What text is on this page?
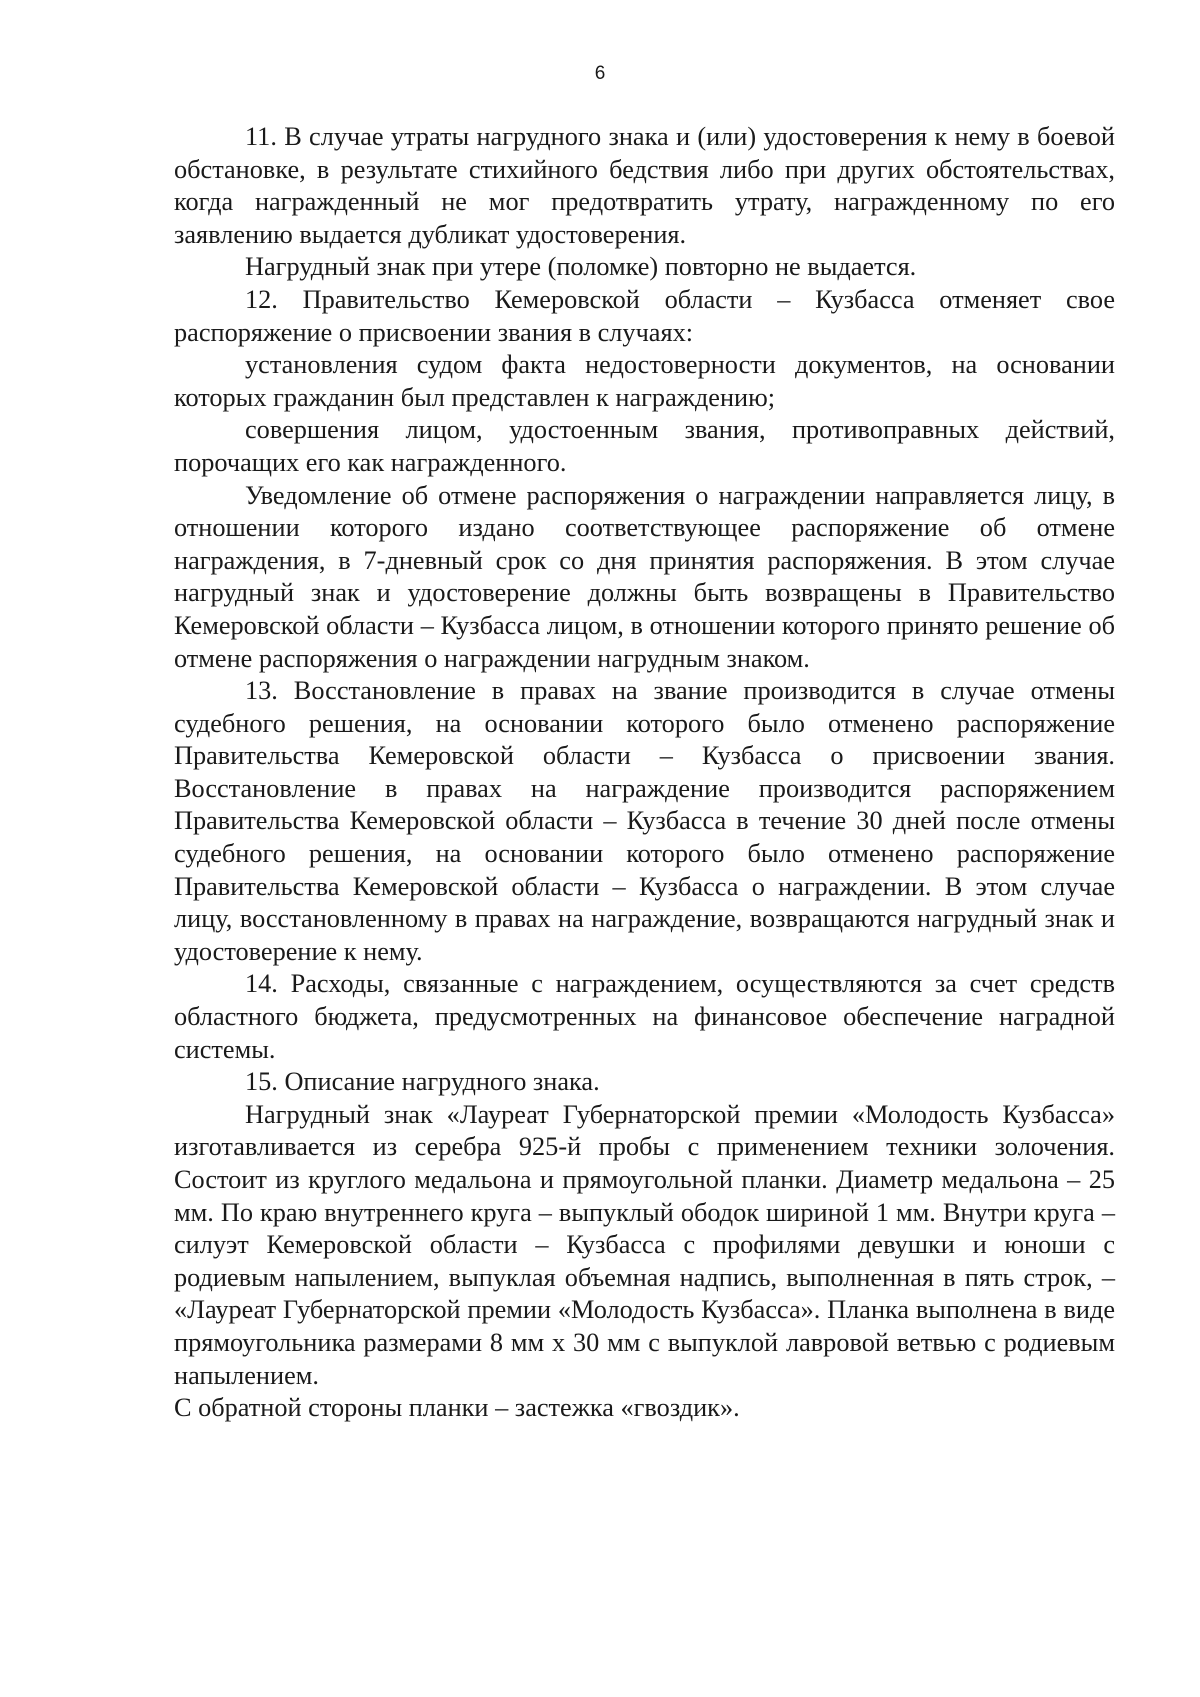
6

11. В случае утраты нагрудного знака и (или) удостоверения к нему в боевой обстановке, в результате стихийного бедствия либо при других обстоятельствах, когда награжденный не мог предотвратить утрату, награжденному по его заявлению выдается дубликат удостоверения.

Нагрудный знак при утере (поломке) повторно не выдается.

12. Правительство Кемеровской области – Кузбасса отменяет свое распоряжение о присвоении звания в случаях:

установления судом факта недостоверности документов, на основании которых гражданин был представлен к награждению;

совершения лицом, удостоенным звания, противоправных действий, порочащих его как награжденного.

Уведомление об отмене распоряжения о награждении направляется лицу, в отношении которого издано соответствующее распоряжение об отмене награждения, в 7-дневный срок со дня принятия распоряжения. В этом случае нагрудный знак и удостоверение должны быть возвращены в Правительство Кемеровской области – Кузбасса лицом, в отношении которого принято решение об отмене распоряжения о награждении нагрудным знаком.

13. Восстановление в правах на звание производится в случае отмены судебного решения, на основании которого было отменено распоряжение Правительства Кемеровской области – Кузбасса о присвоении звания. Восстановление в правах на награждение производится распоряжением Правительства Кемеровской области – Кузбасса в течение 30 дней после отмены судебного решения, на основании которого было отменено распоряжение Правительства Кемеровской области – Кузбасса о награждении. В этом случае лицу, восстановленному в правах на награждение, возвращаются нагрудный знак и удостоверение к нему.

14. Расходы, связанные с награждением, осуществляются за счет средств областного бюджета, предусмотренных на финансовое обеспечение наградной системы.

15. Описание нагрудного знака.

Нагрудный знак «Лауреат Губернаторской премии «Молодость Кузбасса» изготавливается из серебра 925-й пробы с применением техники золочения. Состоит из круглого медальона и прямоугольной планки. Диаметр медальона – 25 мм. По краю внутреннего круга – выпуклый ободок шириной 1 мм. Внутри круга – силуэт Кемеровской области – Кузбасса с профилями девушки и юноши с родиевым напылением, выпуклая объемная надпись, выполненная в пять строк, – «Лауреат Губернаторской премии «Молодость Кузбасса». Планка выполнена в виде прямоугольника размерами 8 мм х 30 мм с выпуклой лавровой ветвью с родиевым напылением.

С обратной стороны планки – застежка «гвоздик».
